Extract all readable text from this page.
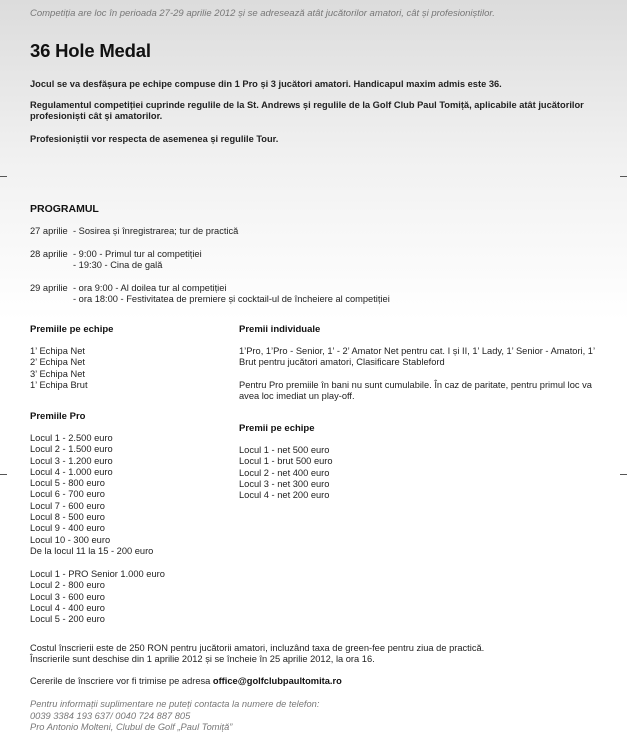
Competiția are loc în perioada 27-29 aprilie 2012 și se adresează atât jucătorilor amatori, cât și profesioniștilor.

36 Hole Medal

Jocul se va desfășura pe echipe compuse din 1 Pro și 3 jucători amatori. Handicapul maxim admis este 36.

Regulamentul competiției cuprinde regulile de la St. Andrews și regulile de la Golf Club Paul Tomiță, aplicabile atât jucătorilor profesioniști cât și amatorilor.

Profesioniștii vor respecta de asemenea și regulile Tour.

PROGRAMUL
27 aprilie - Sosirea și înregistrarea; tur de practică
28 aprilie - 9:00 - Primul tur al competiției
- 19:30 - Cina de gală
29 aprilie - ora 9:00 - Al doilea tur al competiției
- ora 18:00 - Festivitatea de premiere și cocktail-ul de încheiere al competiției
Premiile pe echipe
1’ Echipa Net
2’ Echipa Net
3’ Echipa Net
1’ Echipa Brut
Premiile Pro
Locul 1 - 2.500 euro
Locul 2 - 1.500 euro
Locul 3 - 1.200 euro
Locul 4 - 1.000 euro
Locul 5 - 800 euro
Locul 6 - 700 euro
Locul 7 - 600 euro
Locul 8 - 500 euro
Locul 9 - 400 euro
Locul 10 - 300 euro
De la locul 11 la 15 - 200 euro
Locul 1 - PRO Senior 1.000 euro
Locul 2 - 800 euro
Locul 3 - 600 euro
Locul 4 - 400 euro
Locul 5 - 200 euro
Premii individuale
1’Pro, 1’Pro - Senior, 1’ - 2’ Amator Net pentru cat. I și II, 1’ Lady, 1’ Senior - Amatori, 1’ Brut pentru jucători amatori, Clasificare Stableford
Pentru Pro premiile în bani nu sunt cumulabile. În caz de paritate, pentru primul loc va avea loc imediat un play-off.
Premii pe echipe
Locul 1 - net 500 euro
Locul 1 - brut 500 euro
Locul 2 - net 400 euro
Locul 3 - net 300 euro
Locul 4 - net 200 euro
Costul înscrierii este de 250 RON pentru jucătorii amatori, incluzând taxa de green-fee pentru ziua de practică.
Înscrierile sunt deschise din 1 aprilie 2012 și se încheie în 25 aprilie 2012, la ora 16.
Cererile de înscriere vor fi trimise pe adresa office@golfclubpaultomita.ro
Pentru informații suplimentare ne puteți contacta la numere de telefon:
0039 3384 193 637/ 0040 724 887 805
Pro Antonio Molteni, Clubul de Golf „Paul Tomiță”
